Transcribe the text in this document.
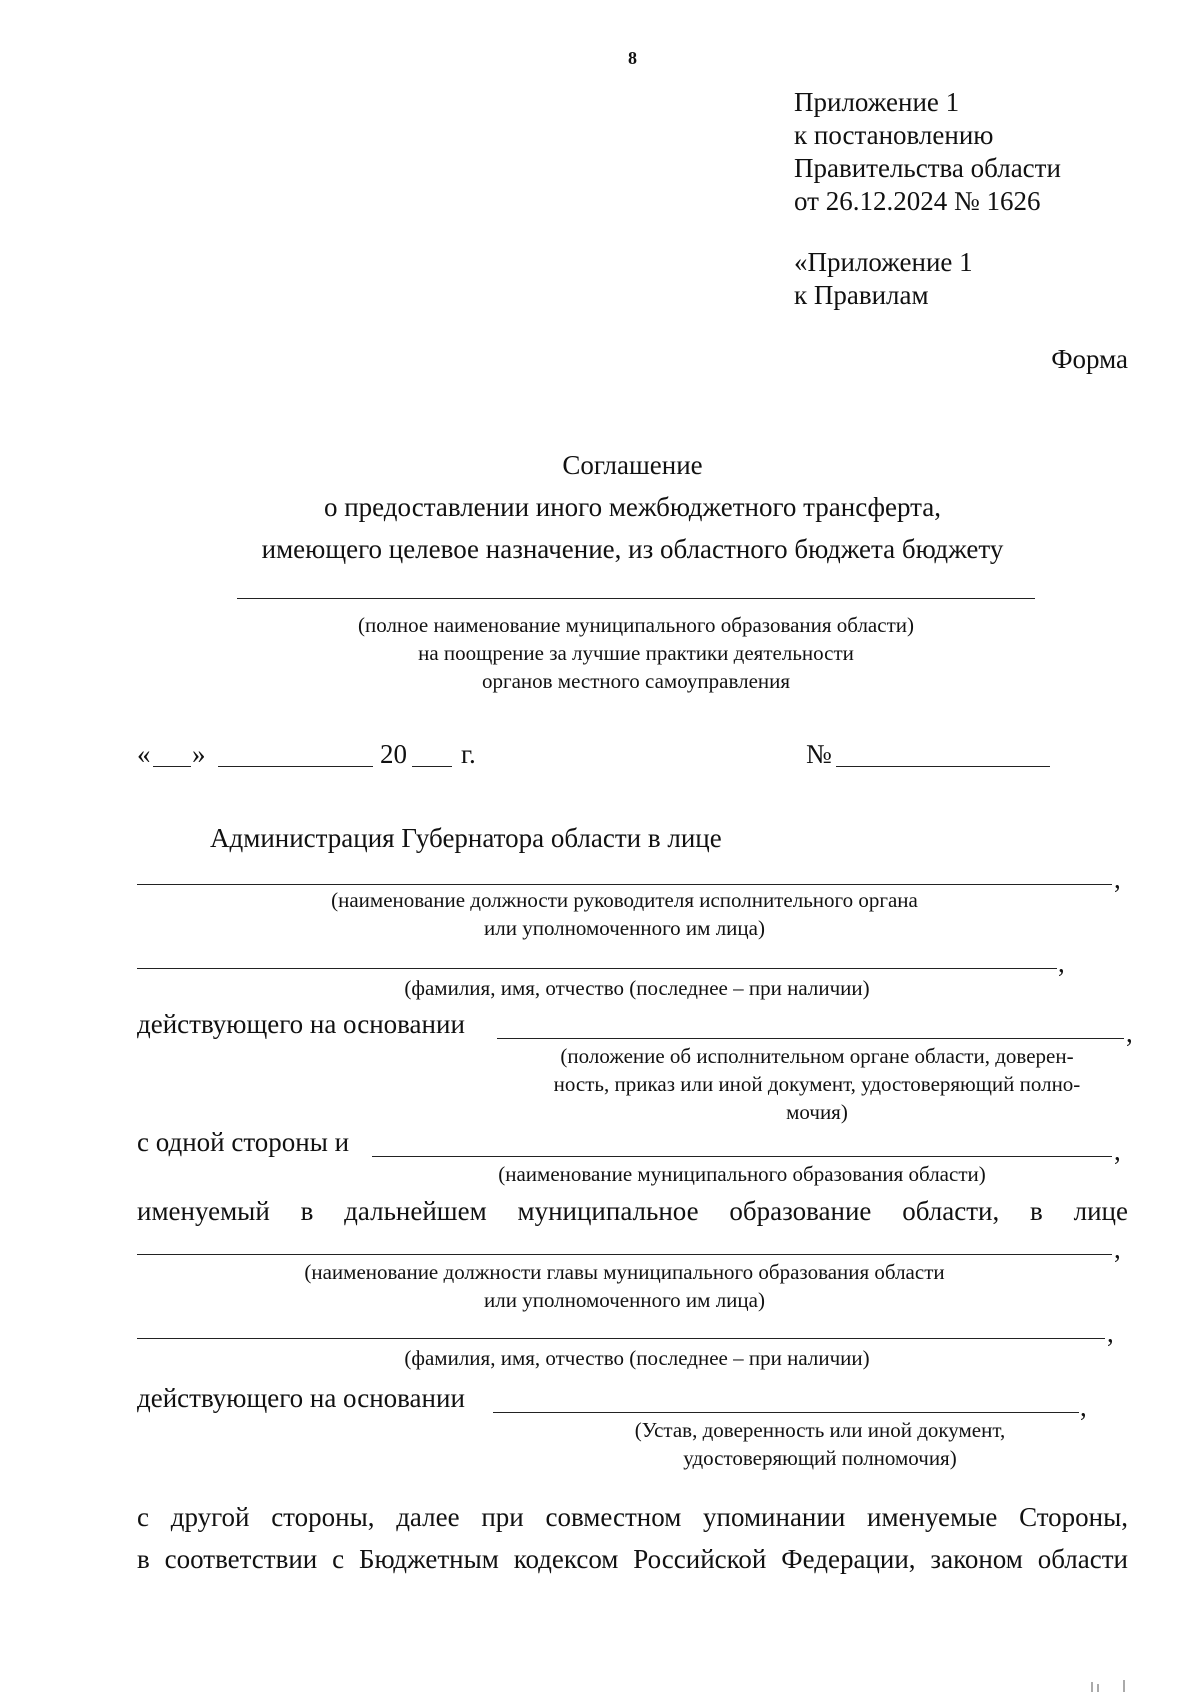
8
Приложение 1
к постановлению
Правительства области
от 26.12.2024 № 1626
«Приложение 1
к Правилам
Форма
Соглашение
о предоставлении иного межбюджетного трансферта,
имеющего целевое назначение, из областного бюджета бюджету
(полное наименование муниципального образования области)
на поощрение за лучшие практики деятельности
органов местного самоуправления
« »	20 г.	№
Администрация Губернатора области в лице
,
(наименование должности руководителя исполнительного органа
или уполномоченного им лица)
,
(фамилия, имя, отчество (последнее – при наличии)
действующего на основании	,
(положение об исполнительном органе области, доверен-
ность, приказ или иной документ, удостоверяющий полно-
мочия)
с одной стороны и	,
(наименование муниципального образования области)
именуемый в дальнейшем муниципальное образование области, в лице
,
(наименование должности главы муниципального образования области
или уполномоченного им лица)
,
(фамилия, имя, отчество (последнее – при наличии)
действующего на основании	,
(Устав, доверенность или иной документ,
удостоверяющий полномочия)
с другой стороны, далее при совместном упоминании именуемые Стороны,
в соответствии с Бюджетным кодексом Российской Федерации, законом области
